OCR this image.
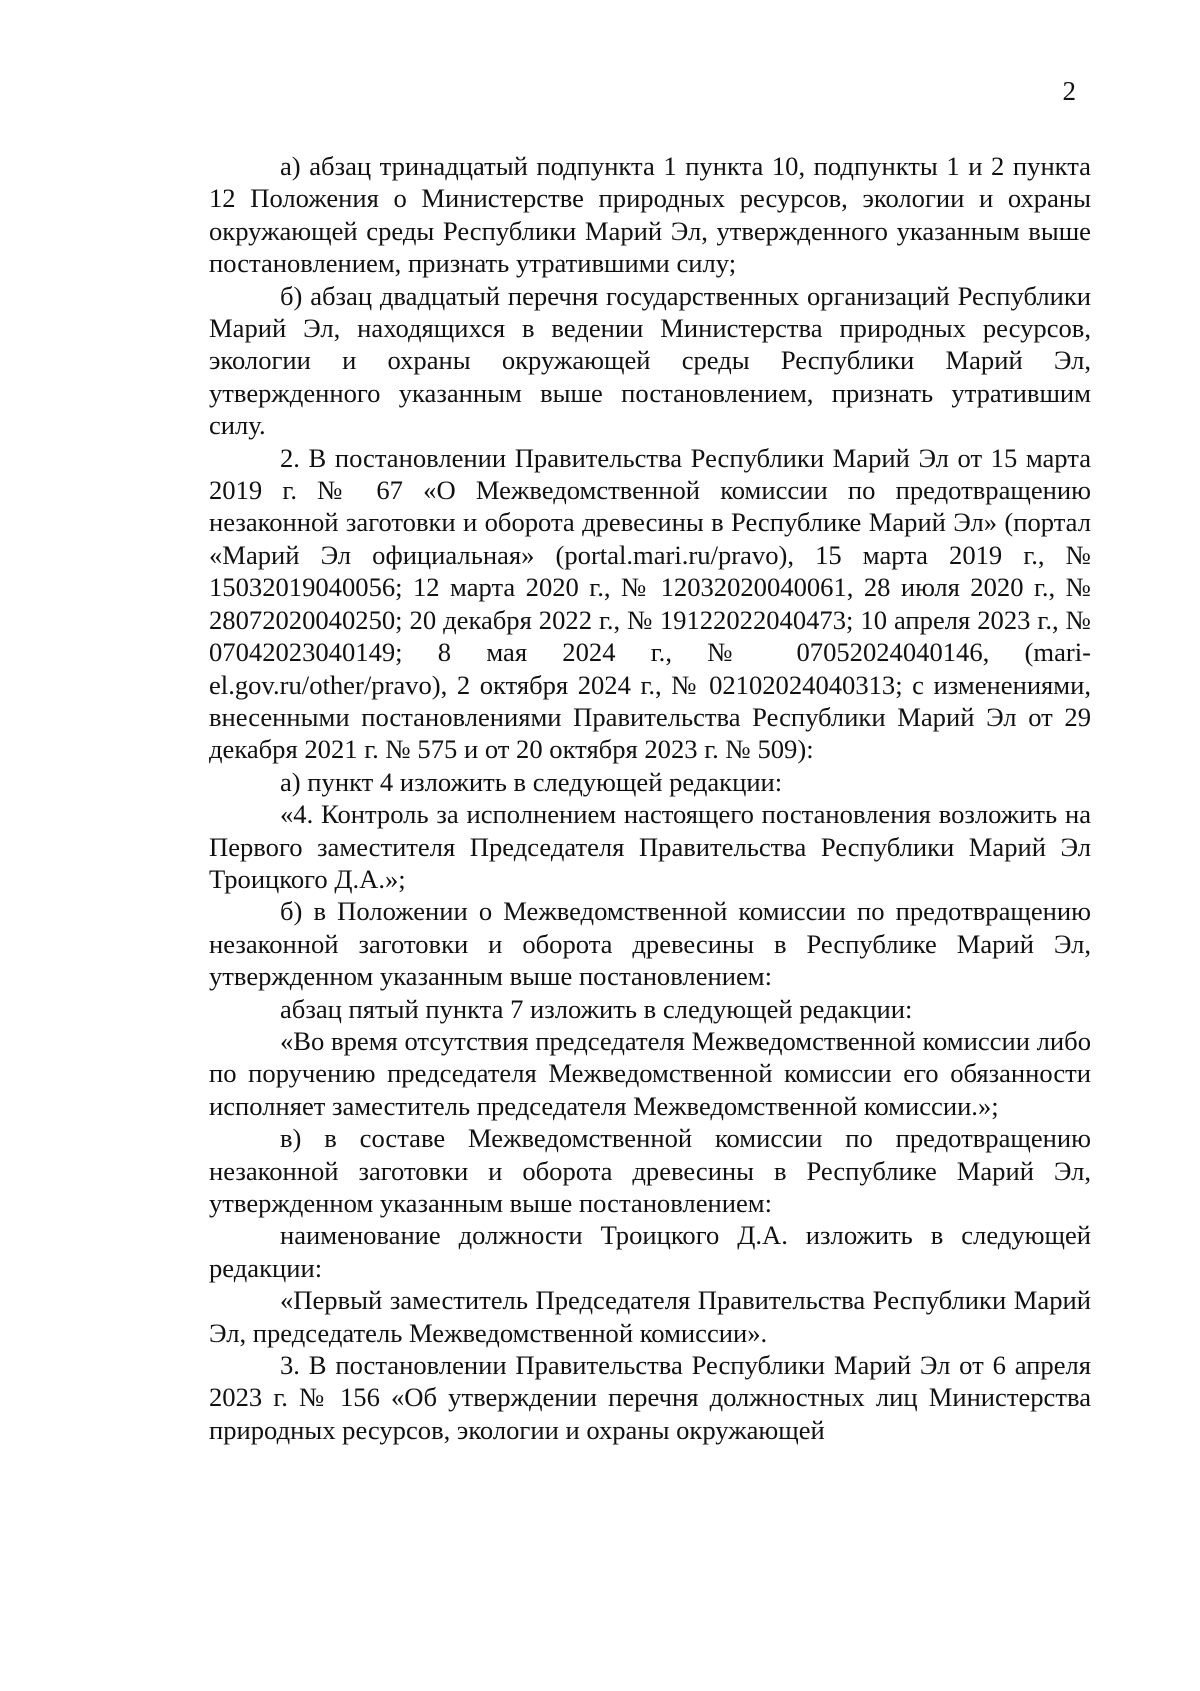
2

а) абзац тринадцатый подпункта 1 пункта 10, подпункты 1 и 2 пункта 12 Положения о Министерстве природных ресурсов, экологии и охраны окружающей среды Республики Марий Эл, утвержденного указанным выше постановлением, признать утратившими силу;

б) абзац двадцатый перечня государственных организаций Республики Марий Эл, находящихся в ведении Министерства природных ресурсов, экологии и охраны окружающей среды Республики Марий Эл, утвержденного указанным выше постановлением, признать утратившим силу.

2. В постановлении Правительства Республики Марий Эл от 15 марта 2019 г. № 67 «О Межведомственной комиссии по предотвращению незаконной заготовки и оборота древесины в Республике Марий Эл» (портал «Марий Эл официальная» (portal.mari.ru/pravo), 15 марта 2019 г., № 15032019040056; 12 марта 2020 г., № 12032020040061, 28 июля 2020 г., № 28072020040250; 20 декабря 2022 г., № 19122022040473; 10 апреля 2023 г., № 07042023040149; 8 мая 2024 г., № 07052024040146, (mari-el.gov.ru/other/pravo), 2 октября 2024 г., № 02102024040313; с изменениями, внесенными постановлениями Правительства Республики Марий Эл от 29 декабря 2021 г. № 575 и от 20 октября 2023 г. № 509):

а) пункт 4 изложить в следующей редакции:

«4. Контроль за исполнением настоящего постановления возложить на Первого заместителя Председателя Правительства Республики Марий Эл Троицкого Д.А.»;

б) в Положении о Межведомственной комиссии по предотвращению незаконной заготовки и оборота древесины в Республике Марий Эл, утвержденном указанным выше постановлением:

абзац пятый пункта 7 изложить в следующей редакции:

«Во время отсутствия председателя Межведомственной комиссии либо по поручению председателя Межведомственной комиссии его обязанности исполняет заместитель председателя Межведомственной комиссии.»;

в) в составе Межведомственной комиссии по предотвращению незаконной заготовки и оборота древесины в Республике Марий Эл, утвержденном указанным выше постановлением:

наименование должности Троицкого Д.А. изложить в следующей редакции:

«Первый заместитель Председателя Правительства Республики Марий Эл, председатель Межведомственной комиссии».

3. В постановлении Правительства Республики Марий Эл от 6 апреля 2023 г. № 156 «Об утверждении перечня должностных лиц Министерства природных ресурсов, экологии и охраны окружающей
